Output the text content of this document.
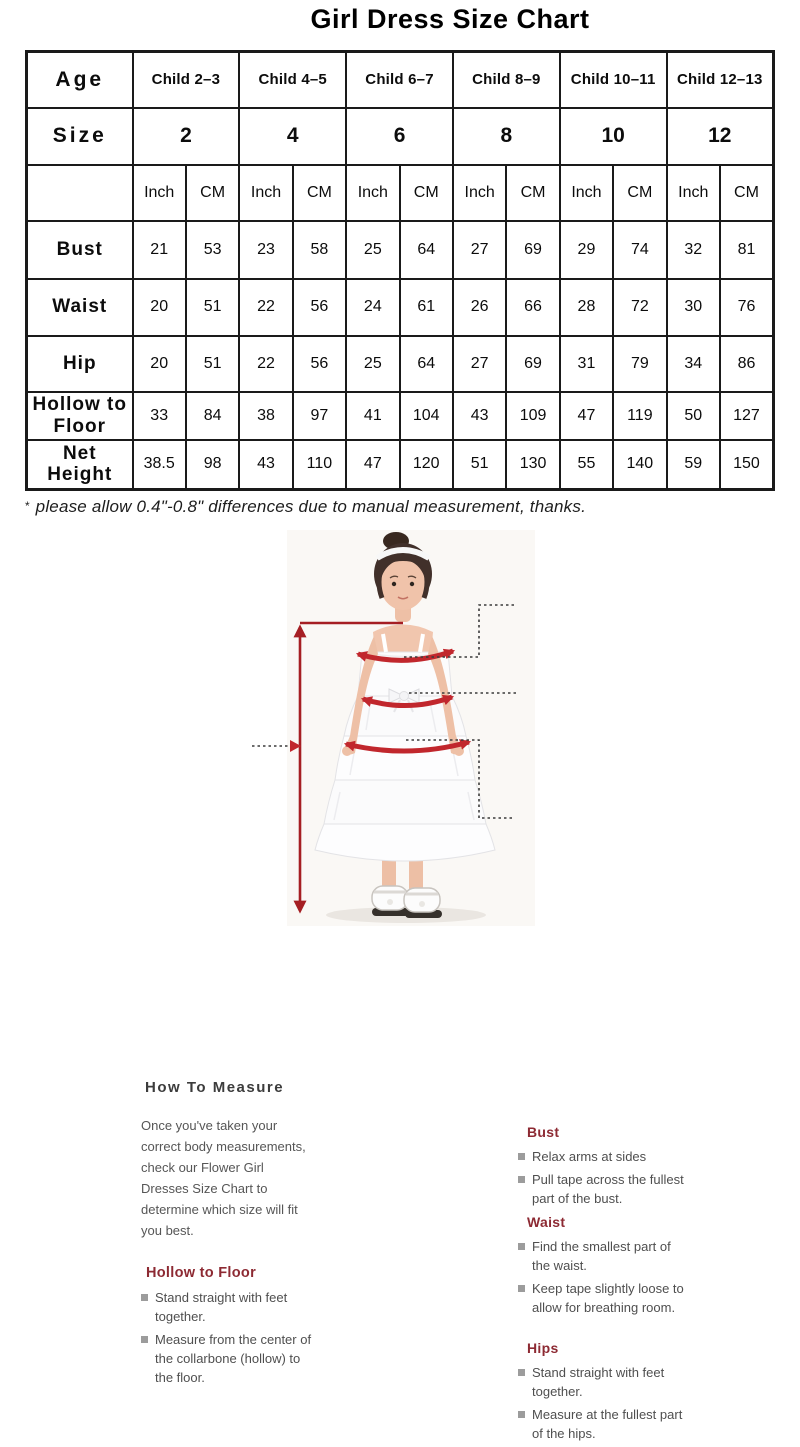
Girl Dress Size Chart
Age	Child 2–3		Child 4–5		Child 6–7		Child 8–9		Child 10–11		Child 12–13	
Size	2		4		6		8		10		12	
	Inch	CM	Inch	CM	Inch	CM	Inch	CM	Inch	CM	Inch	CM
Bust	21	53	23	58	25	64	27	69	29	74	32	81
Waist	20	51	22	56	24	61	26	66	28	72	30	76
Hip	20	51	22	56	25	64	27	69	31	79	34	86
Hollow to Floor	33	84	38	97	41	104	43	109	47	119	50	127
Net Height	38.5	98	43	110	47	120	51	130	55	140	59	150

* please allow 0.4"-0.8" differences due to manual measurement, thanks.

How To Measure

Once you've taken your
correct body measurements,
check our Flower Girl
Dresses Size Chart to
determine which size will fit
you best.

Hollow to Floor
Stand straight with feet
together.
Measure from the center of
the collarbone (hollow) to
the floor.
Bust
Relax arms at sides
Pull tape across the fullest
part of the bust.
Waist
Find the smallest part of
the waist.
Keep tape slightly loose to
allow for breathing room.
Hips
Stand straight with feet
together.
Measure at the fullest part
of the hips.
